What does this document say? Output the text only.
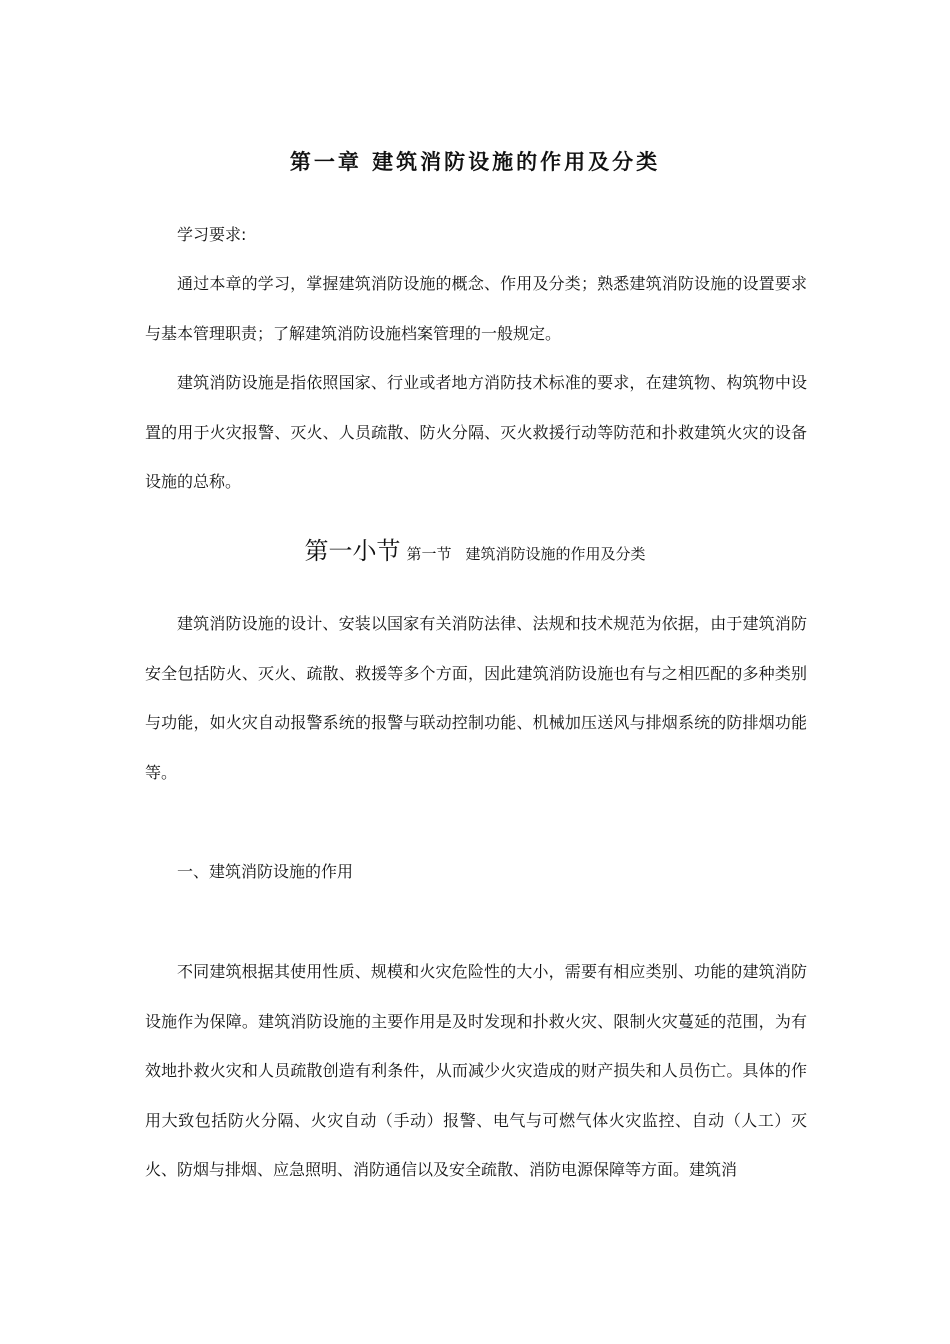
第一章 建筑消防设施的作用及分类

学习要求:

通过本章的学习，掌握建筑消防设施的概念、作用及分类；熟悉建筑消防设施的设置要求与基本管理职责；了解建筑消防设施档案管理的一般规定。

建筑消防设施是指依照国家、行业或者地方消防技术标准的要求，在建筑物、构筑物中设置的用于火灾报警、灭火、人员疏散、防火分隔、灭火救援行动等防范和扑救建筑火灾的设备设施的总称。

第一小节 第一节 建筑消防设施的作用及分类

建筑消防设施的设计、安装以国家有关消防法律、法规和技术规范为依据，由于建筑消防安全包括防火、灭火、疏散、救援等多个方面，因此建筑消防设施也有与之相匹配的多种类别与功能，如火灾自动报警系统的报警与联动控制功能、机械加压送风与排烟系统的防排烟功能等。

一、建筑消防设施的作用

不同建筑根据其使用性质、规模和火灾危险性的大小，需要有相应类别、功能的建筑消防设施作为保障。建筑消防设施的主要作用是及时发现和扑救火灾、限制火灾蔓延的范围，为有效地扑救火灾和人员疏散创造有利条件，从而减少火灾造成的财产损失和人员伤亡。具体的作用大致包括防火分隔、火灾自动（手动）报警、电气与可燃气体火灾监控、自动（人工）灭火、防烟与排烟、应急照明、消防通信以及安全疏散、消防电源保障等方面。建筑消
